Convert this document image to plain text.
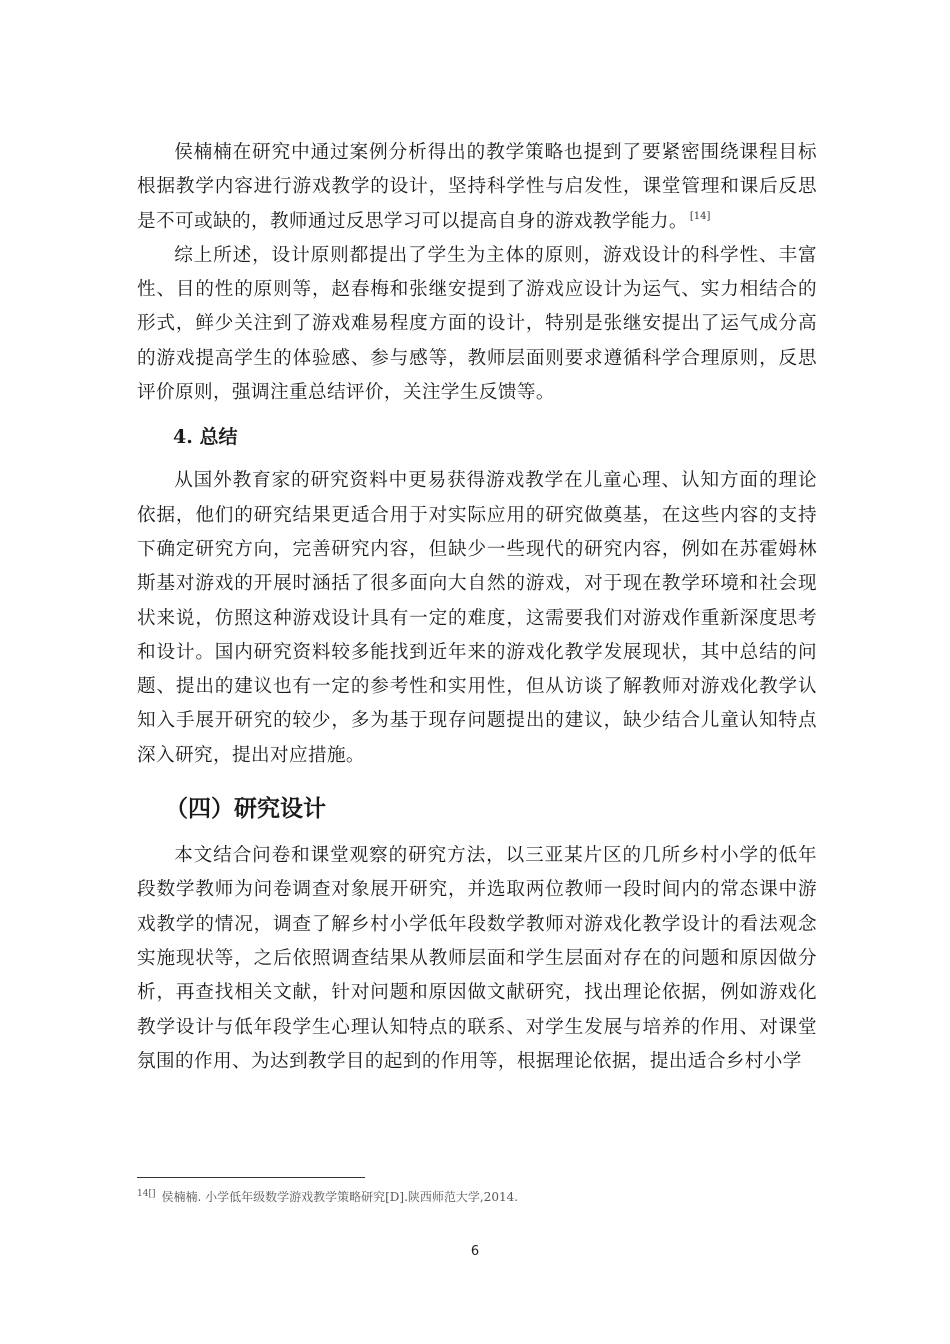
侯楠楠在研究中通过案例分析得出的教学策略也提到了要紧密围绕课程目标根据教学内容进行游戏教学的设计，坚持科学性与启发性，课堂管理和课后反思是不可或缺的，教师通过反思学习可以提高自身的游戏教学能力。 [14]

综上所述，设计原则都提出了学生为主体的原则，游戏设计的科学性、丰富性、目的性的原则等，赵春梅和张继安提到了游戏应设计为运气、实力相结合的形式，鲜少关注到了游戏难易程度方面的设计，特别是张继安提出了运气成分高的游戏提高学生的体验感、参与感等，教师层面则要求遵循科学合理原则，反思评价原则，强调注重总结评价，关注学生反馈等。

4. 总结

从国外教育家的研究资料中更易获得游戏教学在儿童心理、认知方面的理论依据，他们的研究结果更适合用于对实际应用的研究做奠基，在这些内容的支持下确定研究方向，完善研究内容，但缺少一些现代的研究内容，例如在苏霍姆林斯基对游戏的开展时涵括了很多面向大自然的游戏，对于现在教学环境和社会现状来说，仿照这种游戏设计具有一定的难度，这需要我们对游戏作重新深度思考和设计。国内研究资料较多能找到近年来的游戏化教学发展现状，其中总结的问题、提出的建议也有一定的参考性和实用性，但从访谈了解教师对游戏化教学认知入手展开研究的较少，多为基于现存问题提出的建议，缺少结合儿童认知特点深入研究，提出对应措施。

（四）研究设计

本文结合问卷和课堂观察的研究方法，以三亚某片区的几所乡村小学的低年段数学教师为问卷调查对象展开研究，并选取两位教师一段时间内的常态课中游戏教学的情况，调查了解乡村小学低年段数学教师对游戏化教学设计的看法观念实施现状等，之后依照调查结果从教师层面和学生层面对存在的问题和原因做分析，再查找相关文献，针对问题和原因做文献研究，找出理论依据，例如游戏化教学设计与低年段学生心理认知特点的联系、对学生发展与培养的作用、对课堂氛围的作用、为达到教学目的起到的作用等，根据理论依据，提出适合乡村小学

$^{14[]}$ 侯楠楠. 小学低年级数学游戏教学策略研究[D].陕西师范大学,2014.
6
